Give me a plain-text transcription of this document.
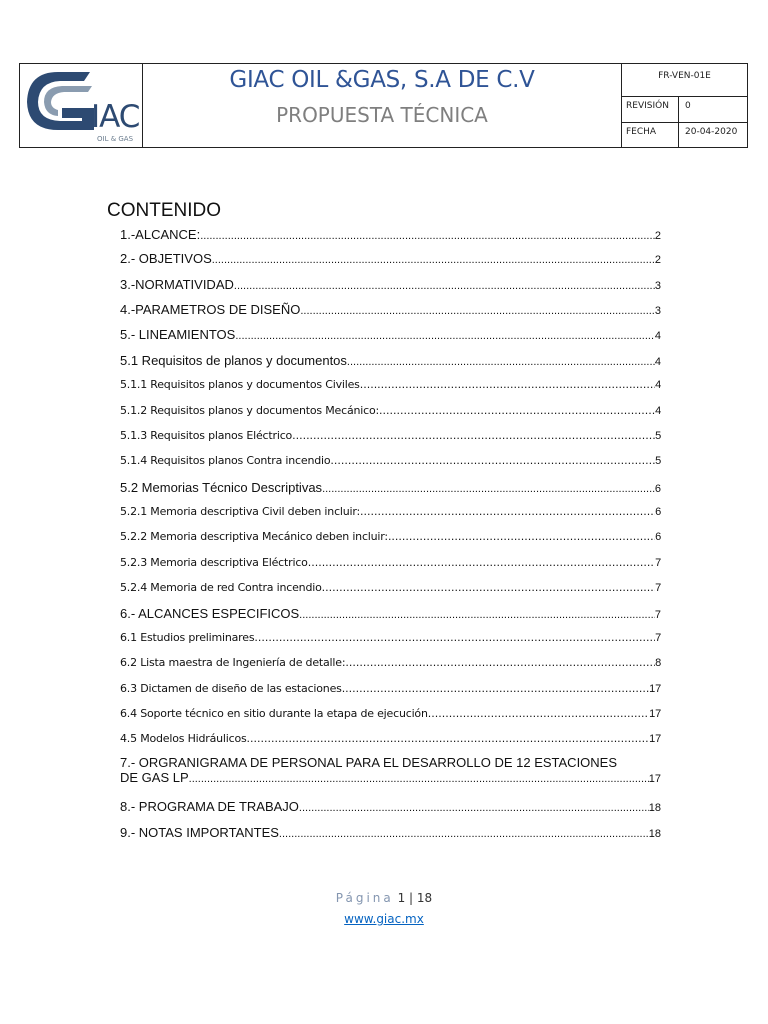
IAC
OIL & GAS
GIAC OIL &GAS, S.A DE C.V
PROPUESTA TÉCNICA
FR-VEN-01E
REVISIÓN	0
FECHA	20-04-2020
CONTENIDO
1.-ALCANCE: .....	2
2.- OBJETIVOS .....	2
3.-NORMATIVIDAD .....	3
4.-PARAMETROS DE DISEÑO .....	3
5.- LINEAMIENTOS .....	4
5.1 Requisitos de planos y documentos .....	4
5.1.1 Requisitos planos y documentos Civiles .....	4
5.1.2 Requisitos planos y documentos Mecánico: .....	4
5.1.3 Requisitos planos Eléctrico .....	5
5.1.4 Requisitos planos Contra incendio .....	5
5.2 Memorias Técnico Descriptivas .....	6
5.2.1 Memoria descriptiva Civil deben incluir: .....	6
5.2.2 Memoria descriptiva Mecánico deben incluir: .....	6
5.2.3 Memoria descriptiva Eléctrico .....	7
5.2.4 Memoria de red Contra incendio .....	7
6.- ALCANCES ESPECIFICOS .....	7
6.1 Estudios preliminares .....	7
6.2 Lista maestra de Ingeniería de detalle: .....	8
6.3 Dictamen de diseño de las estaciones .....	17
6.4 Soporte técnico en sitio durante la etapa de ejecución .....	17
4.5 Modelos Hidráulicos .....	17
7.- ORGRANIGRAMA DE PERSONAL PARA EL DESARROLLO DE 12 ESTACIONES
DE GAS LP .....	17
8.- PROGRAMA DE TRABAJO .....	18
9.- NOTAS IMPORTANTES .....	18
Página 1 | 18
www.giac.mx
